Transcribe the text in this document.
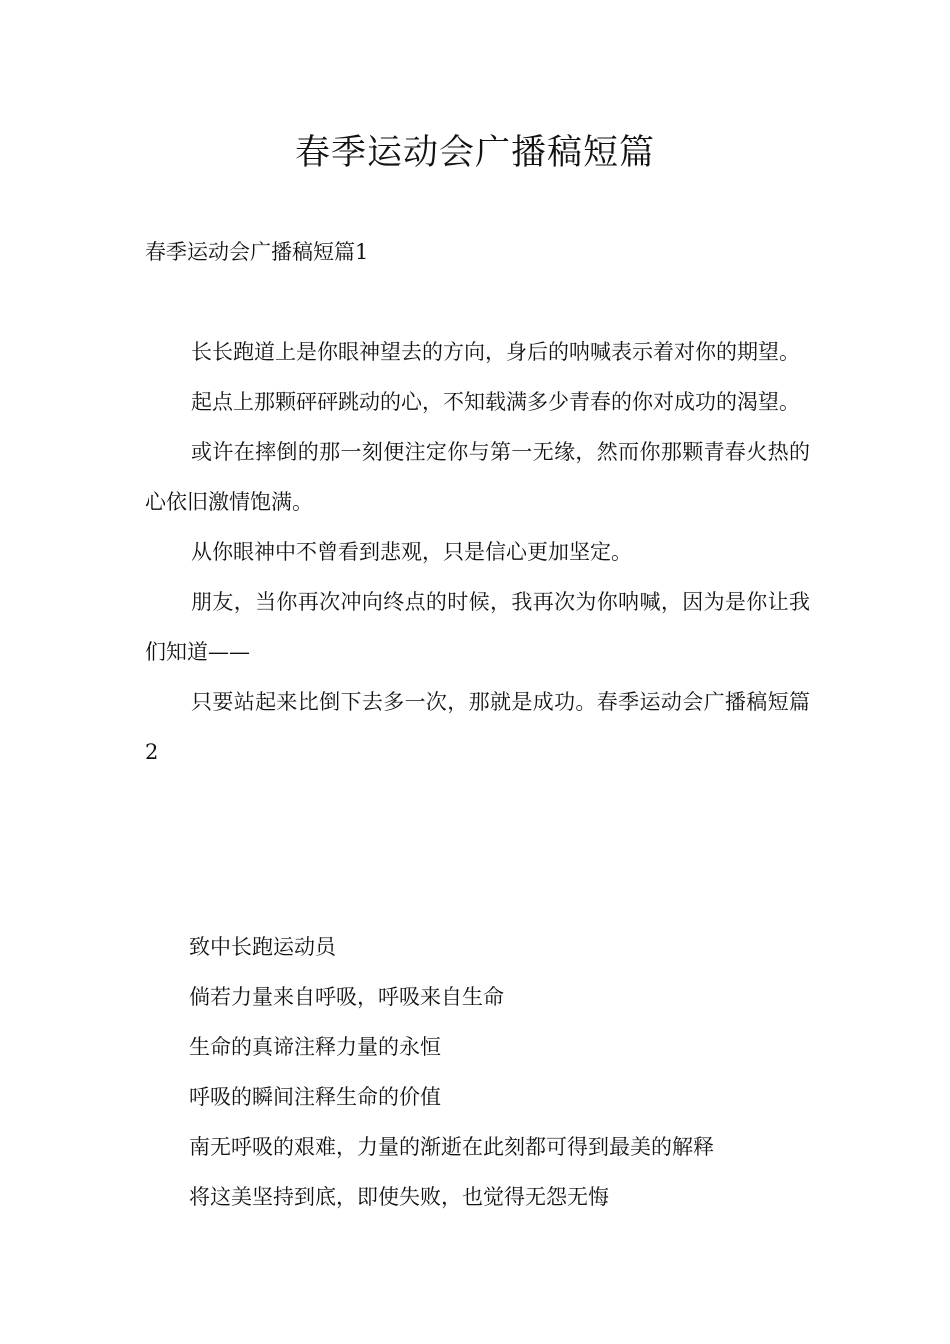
春季运动会广播稿短篇
春季运动会广播稿短篇1

长长跑道上是你眼神望去的方向，身后的呐喊表示着对你的期望。

起点上那颗砰砰跳动的心，不知载满多少青春的你对成功的渴望。

或许在摔倒的那一刻便注定你与第一无缘，然而你那颗青春火热的心依旧激情饱满。

从你眼神中不曾看到悲观，只是信心更加坚定。

朋友，当你再次冲向终点的时候，我再次为你呐喊，因为是你让我们知道——

只要站起来比倒下去多一次，那就是成功。春季运动会广播稿短篇2

致中长跑运动员

倘若力量来自呼吸，呼吸来自生命

生命的真谛注释力量的永恒

呼吸的瞬间注释生命的价值

南无呼吸的艰难，力量的渐逝在此刻都可得到最美的解释

将这美坚持到底，即使失败，也觉得无怨无悔
